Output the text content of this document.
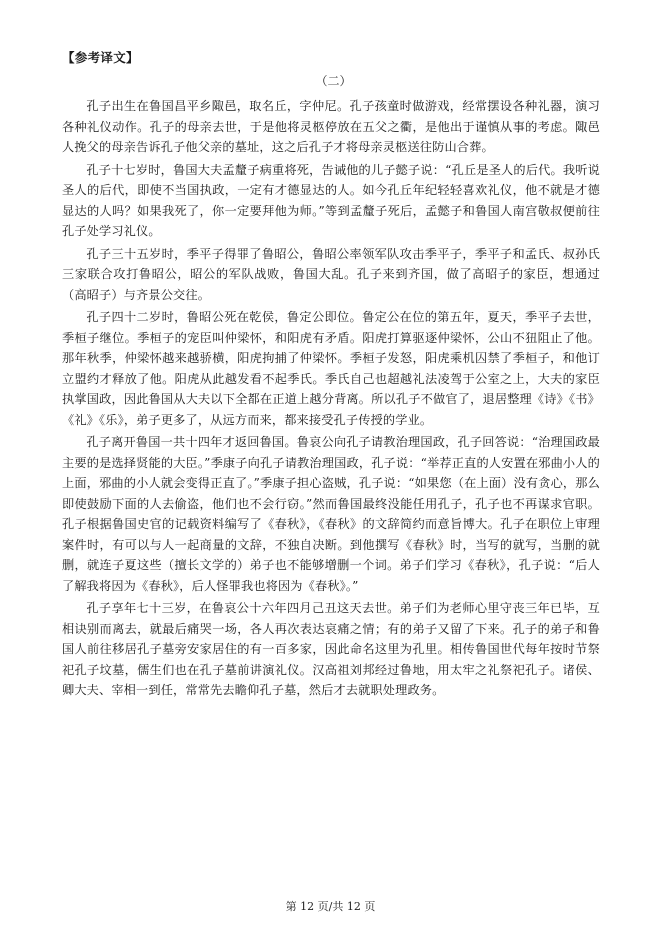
【参考译文】
（二）

孔子出生在鲁国昌平乡陬邑，取名丘，字仲尼。孔子孩童时做游戏，经常摆设各种礼器，演习各种礼仪动作。孔子的母亲去世，于是他将灵柩停放在五父之衢，是他出于谨慎从事的考虑。陬邑人挽父的母亲告诉孔子他父亲的墓址，这之后孔子才将母亲灵柩送往防山合葬。

孔子十七岁时，鲁国大夫孟釐子病重将死，告诫他的儿子懿子说：“孔丘是圣人的后代。我听说圣人的后代，即使不当国执政，一定有才德显达的人。如今孔丘年纪轻轻喜欢礼仪，他不就是才德显达的人吗？如果我死了，你一定要拜他为师。”等到孟釐子死后，孟懿子和鲁国人南宫敬叔便前往孔子处学习礼仪。

孔子三十五岁时，季平子得罪了鲁昭公，鲁昭公率领军队攻击季平子，季平子和孟氏、叔孙氏三家联合攻打鲁昭公，昭公的军队战败，鲁国大乱。孔子来到齐国，做了高昭子的家臣，想通过（高昭子）与齐景公交往。

孔子四十二岁时，鲁昭公死在乾侯，鲁定公即位。鲁定公在位的第五年，夏天，季平子去世，季桓子继位。季桓子的宠臣叫仲梁怀，和阳虎有矛盾。阳虎打算驱逐仲梁怀，公山不狃阻止了他。那年秋季，仲梁怀越来越骄横，阳虎拘捕了仲梁怀。季桓子发怒，阳虎乘机囚禁了季桓子，和他订立盟约才释放了他。阳虎从此越发看不起季氏。季氏自己也超越礼法凌驾于公室之上，大夫的家臣执掌国政，因此鲁国从大夫以下全都在正道上越分背离。所以孔子不做官了，退居整理《诗》《书》《礼》《乐》，弟子更多了，从远方而来，都来接受孔子传授的学业。

孔子离开鲁国一共十四年才返回鲁国。鲁哀公向孔子请教治理国政，孔子回答说：“治理国政最主要的是选择贤能的大臣。”季康子向孔子请教治理国政，孔子说：“举荐正直的人安置在邪曲小人的上面，邪曲的小人就会变得正直了。”季康子担心盗贼，孔子说：“如果您（在上面）没有贪心，那么即使鼓励下面的人去偷盗，他们也不会行窃。”然而鲁国最终没能任用孔子，孔子也不再谋求官职。孔子根据鲁国史官的记载资料编写了《春秋》，《春秋》的文辞简约而意旨博大。孔子在职位上审理案件时，有可以与人一起商量的文辞，不独自决断。到他撰写《春秋》时，当写的就写，当删的就删，就连子夏这些（擅长文学的）弟子也不能够增删一个词。弟子们学习《春秋》，孔子说：“后人了解我将因为《春秋》，后人怪罪我也将因为《春秋》。”

孔子享年七十三岁，在鲁哀公十六年四月己丑这天去世。弟子们为老师心里守丧三年已毕，互相诀别而离去，就最后痛哭一场，各人再次表达哀痛之情；有的弟子又留了下来。孔子的弟子和鲁国人前往移居孔子墓旁安家居住的有一百多家，因此命名这里为孔里。相传鲁国世代每年按时节祭祀孔子坟墓，儒生们也在孔子墓前讲演礼仪。汉高祖刘邦经过鲁地，用太牢之礼祭祀孔子。诸侯、卿大夫、宰相一到任，常常先去瞻仰孔子墓，然后才去就职处理政务。

第 12 页/共 12 页
